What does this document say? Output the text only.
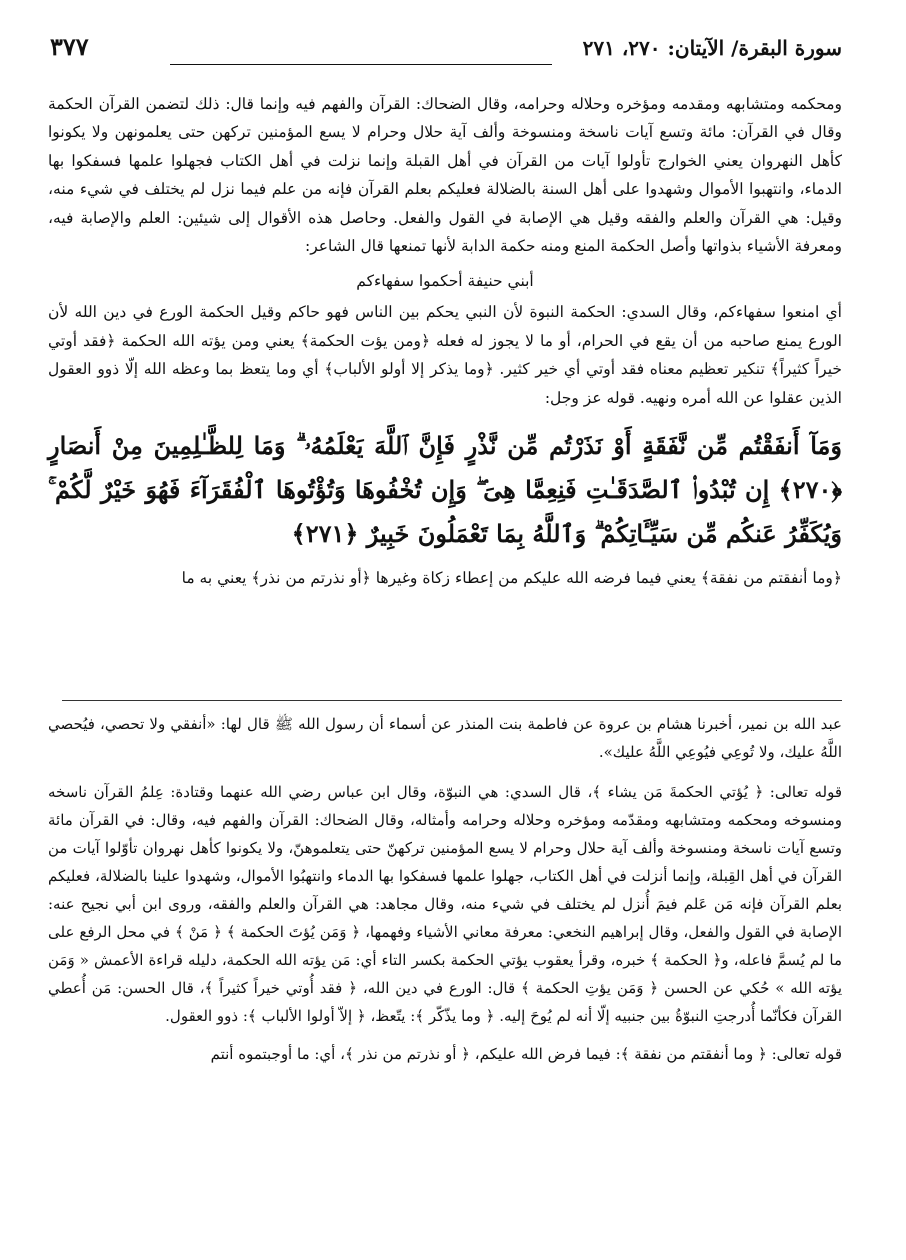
سورة البقرة/ الآيتان: ٢٧٠، ٢٧١
٣٧٧

ومحكمه ومتشابهه ومقدمه ومؤخره وحلاله وحرامه، وقال الضحاك: القرآن والفهم فيه وإنما قال: ذلك لتضمن القرآن الحكمة وقال في القرآن: مائة وتسع آيات ناسخة ومنسوخة وألف آية حلال وحرام لا يسع المؤمنين تركهن حتى يعلمونهن ولا يكونوا كأهل النهروان يعني الخوارج تأولوا آيات من القرآن في أهل القبلة وإنما نزلت في أهل الكتاب فجهلوا علمها فسفكوا بها الدماء، وانتهبوا الأموال وشهدوا على أهل السنة بالضلالة فعليكم بعلم القرآن فإنه من علم فيما نزل لم يختلف في شيء منه، وقيل: هي القرآن والعلم والفقه وقيل هي الإصابة في القول والفعل. وحاصل هذه الأقوال إلى شيئين: العلم والإصابة فيه، ومعرفة الأشياء بذواتها وأصل الحكمة المنع ومنه حكمة الدابة لأنها تمنعها قال الشاعر:

أبني حنيفة أحكموا سفهاءكم

أي امنعوا سفهاءكم، وقال السدي: الحكمة النبوة لأن النبي يحكم بين الناس فهو حاكم وقيل الحكمة الورع في دين الله لأن الورع يمنع صاحبه من أن يقع في الحرام، أو ما لا يجوز له فعله ﴿ومن يؤت الحكمة﴾ يعني ومن يؤته الله الحكمة ﴿فقد أوتي خيراً كثيراً﴾ تنكير تعظيم معناه فقد أوتي أي خير كثير. ﴿وما يذكر إلا أولو الألباب﴾ أي وما يتعظ بما وعظه الله إلّا ذوو العقول الذين عقلوا عن الله أمره ونهيه. قوله عز وجل:

وَمَآ أَنفَقْتُم مِّن نَّفَقَةٍ أَوْ نَذَرْتُم مِّن نَّذْرٍ فَإِنَّ ٱللَّهَ يَعْلَمُهُۥ ۗ وَمَا لِلظَّـٰلِمِينَ مِنْ أَنصَارٍ ﴿٢٧٠﴾ إِن تُبْدُوا۟ ٱلصَّدَقَـٰتِ فَنِعِمَّا هِىَ ۖ وَإِن تُخْفُوهَا وَتُؤْتُوهَا ٱلْفُقَرَآءَ فَهُوَ خَيْرٌ لَّكُمْ ۚ وَيُكَفِّرُ عَنكُم مِّن سَيِّـَٔاتِكُمْ ۗ وَٱللَّهُ بِمَا تَعْمَلُونَ خَبِيرٌ ﴿٢٧١﴾

﴿وما أنفقتم من نفقة﴾ يعني فيما فرضه الله عليكم من إعطاء زكاة وغيرها ﴿أو نذرتم من نذر﴾ يعني به ما

عبد الله بن نمير، أخبرنا هشام بن عروة عن فاطمة بنت المنذر عن أسماء أن رسول الله ﷺ قال لها: «أنفقي ولا تحصي، فيُحصي اللَّهُ عليك، ولا تُوعِي فيُوعِي اللَّهُ عليك».

قوله تعالى: ﴿ يُؤتي الحكمةَ مَن يشاء ﴾، قال السدي: هي النبوّة، وقال ابن عباس رضي الله عنهما وقتادة: عِلمُ القرآن ناسخه ومنسوخه ومحكمه ومتشابهه ومقدّمه ومؤخره وحلاله وحرامه وأمثاله، وقال الضحاك: القرآن والفهم فيه، وقال: في القرآن مائة وتسع آيات ناسخة ومنسوخة وألف آية حلال وحرام لا يسع المؤمنين تركهنّ حتى يتعلموهنّ، ولا يكونوا كأهل نهروان تأوّلوا آيات من القرآن في أهل القِبلة، وإنما أنزلت في أهل الكتاب، جهلوا علمها فسفكوا بها الدماء وانتهبُوا الأموال، وشهدوا علينا بالضلالة، فعليكم بعلم القرآن فإنه مَن عَلم فيمَ أُنزل لم يختلف في شيء منه، وقال مجاهد: هي القرآن والعلم والفقه، وروى ابن أبي نجيح عنه: الإصابة في القول والفعل، وقال إبراهيم النخعي: معرفة معاني الأشياء وفهمها، ﴿ وَمَن يُؤتَ الحكمة ﴾ ﴿ مَنْ ﴾ في محل الرفع على ما لم يُسمَّ فاعله، و﴿ الحكمة ﴾ خبره، وقرأ يعقوب يؤتي الحكمة بكسر التاء أي: مَن يؤته الله الحكمة، دليله قراءة الأعمش « وَمَن يؤته الله » حُكي عن الحسن ﴿ وَمَن يؤتِ الحكمة ﴾ قال: الورع في دين الله، ﴿ فقد أُوتي خيراً كثيراً ﴾، قال الحسن: مَن أُعطي القرآن فكأنّما أُدرجتِ النبوّةُ بين جنبيه إلّا أنه لم يُوحَ إليه. ﴿ وما يذّكّر ﴾: يتّعظ، ﴿ إلاّ أولوا الألباب ﴾: ذوو العقول.

قوله تعالى: ﴿ وما أنفقتم من نفقة ﴾: فيما فرض الله عليكم، ﴿ أو نذرتم من نذر ﴾، أي: ما أوجبتموه أنتم
